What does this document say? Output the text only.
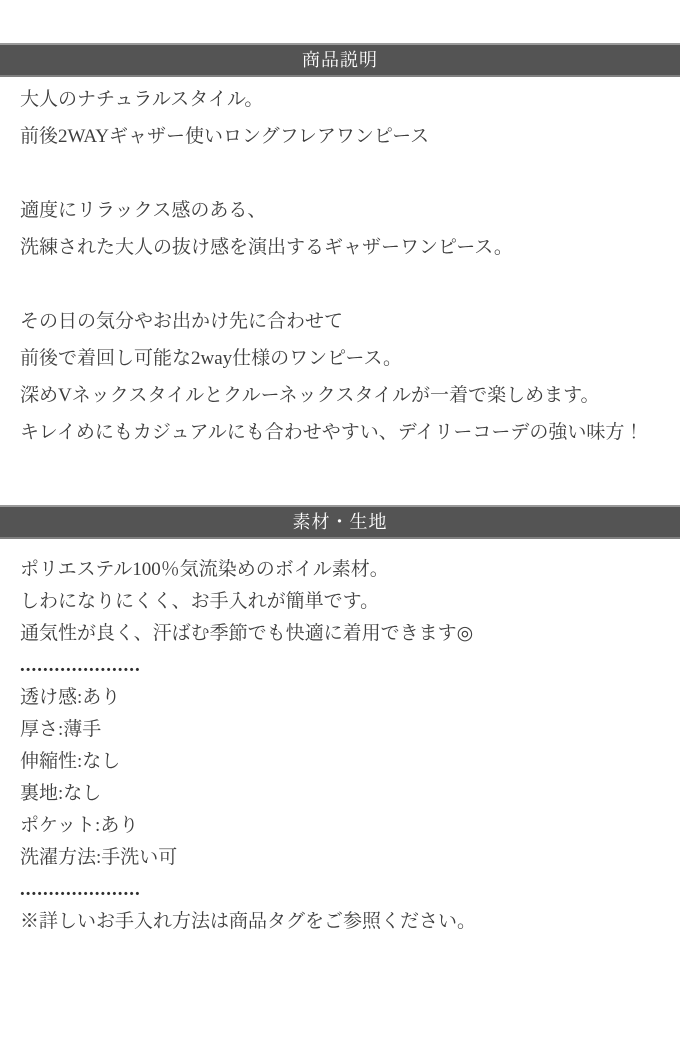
商品説明

大人のナチュラルスタイル。

前後2WAYギャザー使いロングフレアワンピース

適度にリラックス感のある、

洗練された大人の抜け感を演出するギャザーワンピース。

その日の気分やお出かけ先に合わせて

前後で着回し可能な2way仕様のワンピース。

深めVネックスタイルとクルーネックスタイルが一着で楽しめます。

キレイめにもカジュアルにも合わせやすい、デイリーコーデの強い味方！

素材・生地

ポリエステル100％気流染めのボイル素材。

しわになりにくく、お手入れが簡単です。

通気性が良く、汗ばむ季節でも快適に着用できます◎

.....................

透け感:あり

厚さ:薄手

伸縮性:なし

裏地:なし

ポケット:あり

洗濯方法:手洗い可

.....................

※詳しいお手入れ方法は商品タグをご参照ください。
